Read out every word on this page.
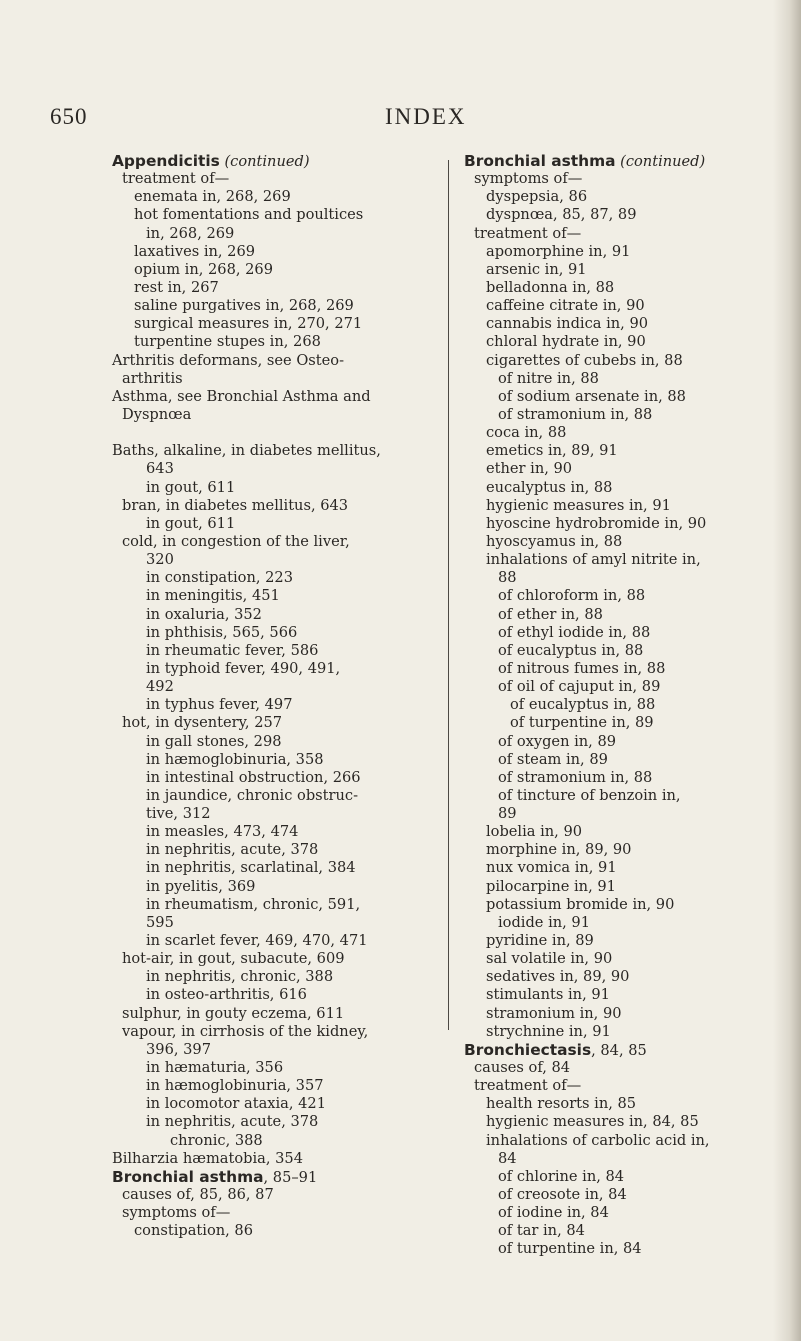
650	INDEX
Appendicitis (continued)
treatment of—
enemata in, 268, 269
hot fomentations and poultices
in, 268, 269
laxatives in, 269
opium in, 268, 269
rest in, 267
saline purgatives in, 268, 269
surgical measures in, 270, 271
turpentine stupes in, 268
Arthritis deformans, see Osteo-
arthritis
Asthma, see Bronchial Asthma and
Dyspnœa
Baths, alkaline, in diabetes mellitus,
643
in gout, 611
bran, in diabetes mellitus, 643
in gout, 611
cold, in congestion of the liver,
320
in constipation, 223
in meningitis, 451
in oxaluria, 352
in phthisis, 565, 566
in rheumatic fever, 586
in typhoid fever, 490, 491,
492
in typhus fever, 497
hot, in dysentery, 257
in gall stones, 298
in hæmoglobinuria, 358
in intestinal obstruction, 266
in jaundice, chronic obstruc-
tive, 312
in measles, 473, 474
in nephritis, acute, 378
in nephritis, scarlatinal, 384
in pyelitis, 369
in rheumatism, chronic, 591,
595
in scarlet fever, 469, 470, 471
hot-air, in gout, subacute, 609
in nephritis, chronic, 388
in osteo-arthritis, 616
sulphur, in gouty eczema, 611
vapour, in cirrhosis of the kidney,
396, 397
in hæmaturia, 356
in hæmoglobinuria, 357
in locomotor ataxia, 421
in nephritis, acute, 378
chronic, 388
Bilharzia hæmatobia, 354
Bronchial asthma, 85–91
causes of, 85, 86, 87
symptoms of—
constipation, 86
Bronchial asthma (continued)
symptoms of—
dyspepsia, 86
dyspnœa, 85, 87, 89
treatment of—
apomorphine in, 91
arsenic in, 91
belladonna in, 88
caffeine citrate in, 90
cannabis indica in, 90
chloral hydrate in, 90
cigarettes of cubebs in, 88
of nitre in, 88
of sodium arsenate in, 88
of stramonium in, 88
coca in, 88
emetics in, 89, 91
ether in, 90
eucalyptus in, 88
hygienic measures in, 91
hyoscine hydrobromide in, 90
hyoscyamus in, 88
inhalations of amyl nitrite in,
88
of chloroform in, 88
of ether in, 88
of ethyl iodide in, 88
of eucalyptus in, 88
of nitrous fumes in, 88
of oil of cajuput in, 89
of eucalyptus in, 88
of turpentine in, 89
of oxygen in, 89
of steam in, 89
of stramonium in, 88
of tincture of benzoin in,
89
lobelia in, 90
morphine in, 89, 90
nux vomica in, 91
pilocarpine in, 91
potassium bromide in, 90
iodide in, 91
pyridine in, 89
sal volatile in, 90
sedatives in, 89, 90
stimulants in, 91
stramonium in, 90
strychnine in, 91
Bronchiectasis, 84, 85
causes of, 84
treatment of—
health resorts in, 85
hygienic measures in, 84, 85
inhalations of carbolic acid in,
84
of chlorine in, 84
of creosote in, 84
of iodine in, 84
of tar in, 84
of turpentine in, 84
